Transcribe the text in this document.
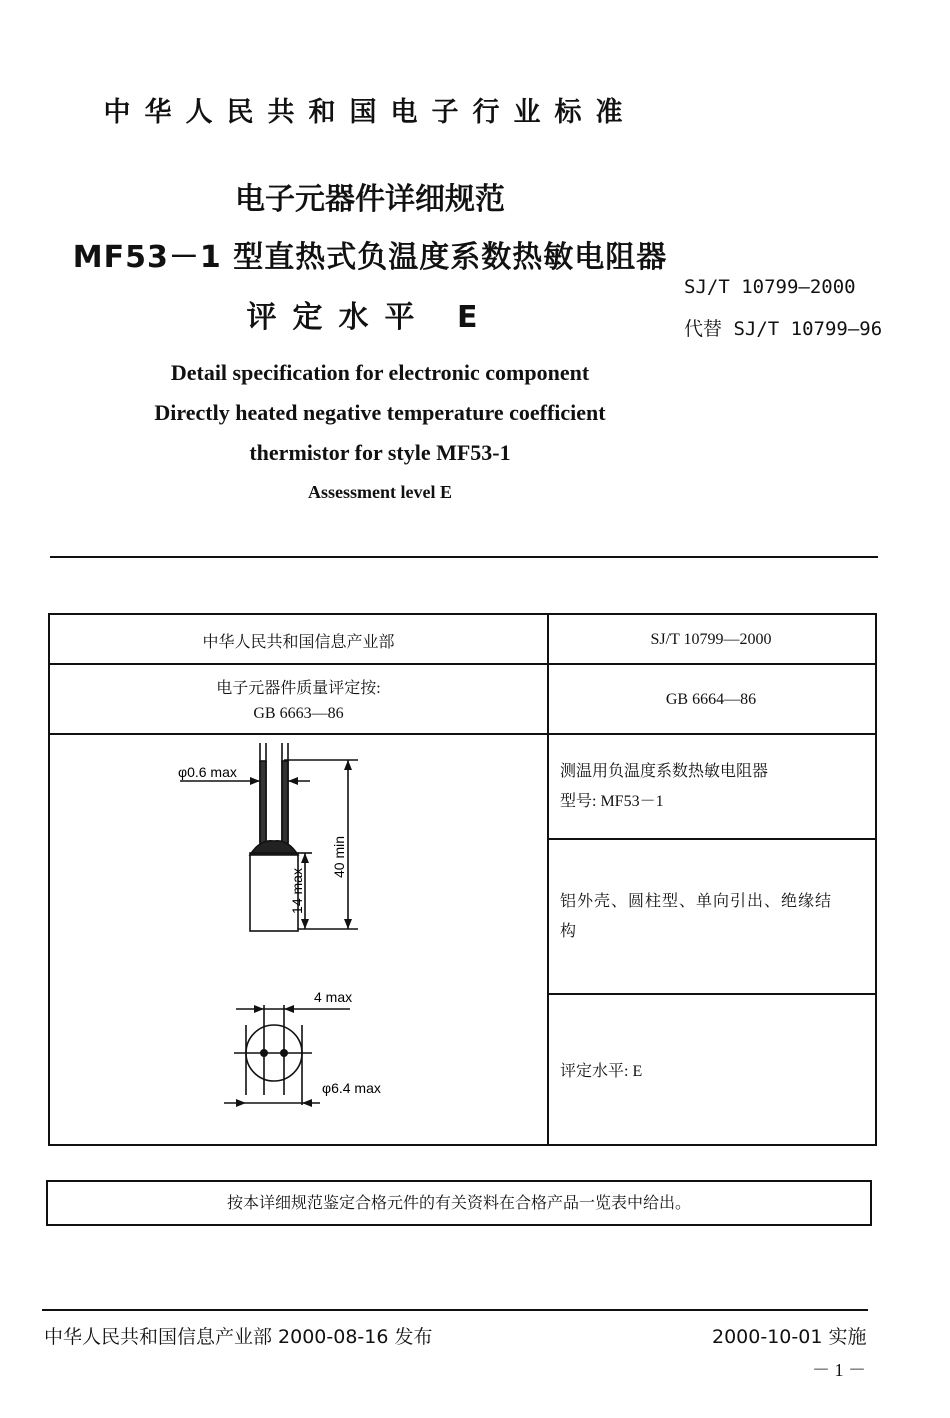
中华人民共和国电子行业标准
电子元器件详细规范
MF53－1 型直热式负温度系数热敏电阻器
评定水平 E
SJ/T 10799—2000
代替 SJ/T 10799—96
Detail specification for electronic component
Directly heated negative temperature coefficient
thermistor for style MF53-1
Assessment level E
中华人民共和国信息产业部	SJ/T 10799—2000
电子元器件质量评定按:
GB 6663—86
GB 6664—86
测温用负温度系数热敏电阻器
型号: MF53－1
铝外壳、圆柱型、单向引出、绝缘结
构
评定水平: E
φ0.6 max
40 min
14 max
4 max
φ6.4 max
按本详细规范鉴定合格元件的有关资料在合格产品一览表中给出。
中华人民共和国信息产业部 2000-08-16 发布	2000-10-01 实施
－ 1 －
